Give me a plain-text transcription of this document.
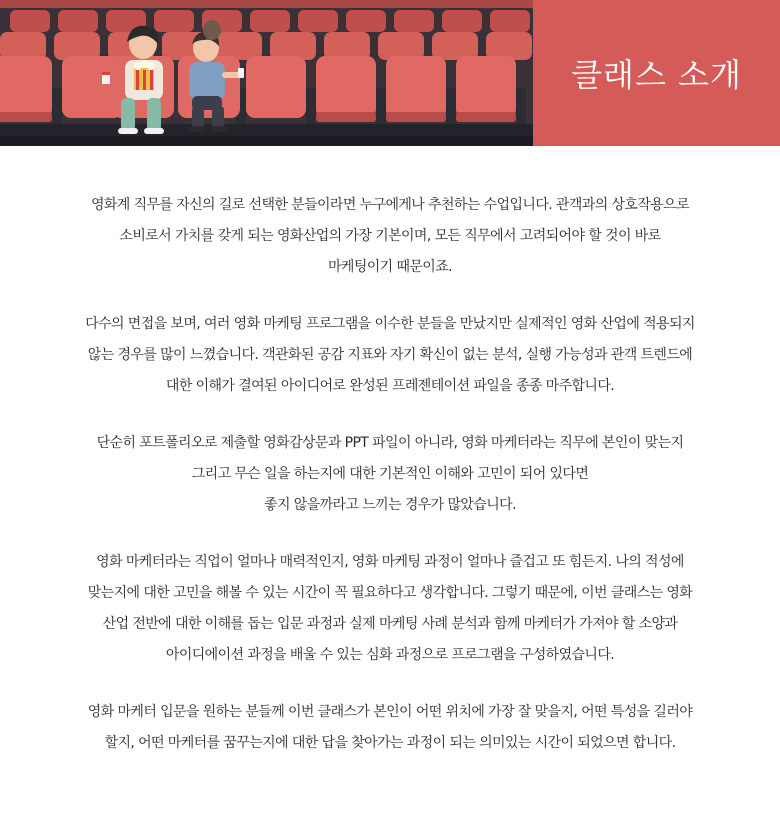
클래스 소개

영화계 직무를 자신의 길로 선택한 분들이라면 누구에게나 추천하는 수업입니다. 관객과의 상호작용으로
소비로서 가치를 갖게 되는 영화산업의 가장 기본이며, 모든 직무에서 고려되어야 할 것이 바로
마케팅이기 때문이죠.

다수의 면접을 보며, 여러 영화 마케팅 프로그램을 이수한 분들을 만났지만 실제적인 영화 산업에 적용되지
않는 경우를 많이 느꼈습니다. 객관화된 공감 지표와 자기 확신이 없는 분석, 실행 가능성과 관객 트렌드에
대한 이해가 결여된 아이디어로 완성된 프레젠테이션 파일을 종종 마주합니다.

단순히 포트폴리오로 제출할 영화감상문과 PPT 파일이 아니라, 영화 마케터라는 직무에 본인이 맞는지
그리고 무슨 일을 하는지에 대한 기본적인 이해와 고민이 되어 있다면
좋지 않을까라고 느끼는 경우가 많았습니다.

영화 마케터라는 직업이 얼마나 매력적인지, 영화 마케팅 과정이 얼마나 즐겁고 또 힘든지. 나의 적성에
맞는지에 대한 고민을 해볼 수 있는 시간이 꼭 필요하다고 생각합니다. 그렇기 때문에, 이번 클래스는 영화
산업 전반에 대한 이해를 돕는 입문 과정과 실제 마케팅 사례 분석과 함께 마케터가 가져야 할 소양과
아이디에이션 과정을 배울 수 있는 심화 과정으로 프로그램을 구성하였습니다.

영화 마케터 입문을 원하는 분들께 이번 클래스가 본인이 어떤 위치에 가장 잘 맞을지, 어떤 특성을 길러야
할지, 어떤 마케터를 꿈꾸는지에 대한 답을 찾아가는 과정이 되는 의미있는 시간이 되었으면 합니다.
